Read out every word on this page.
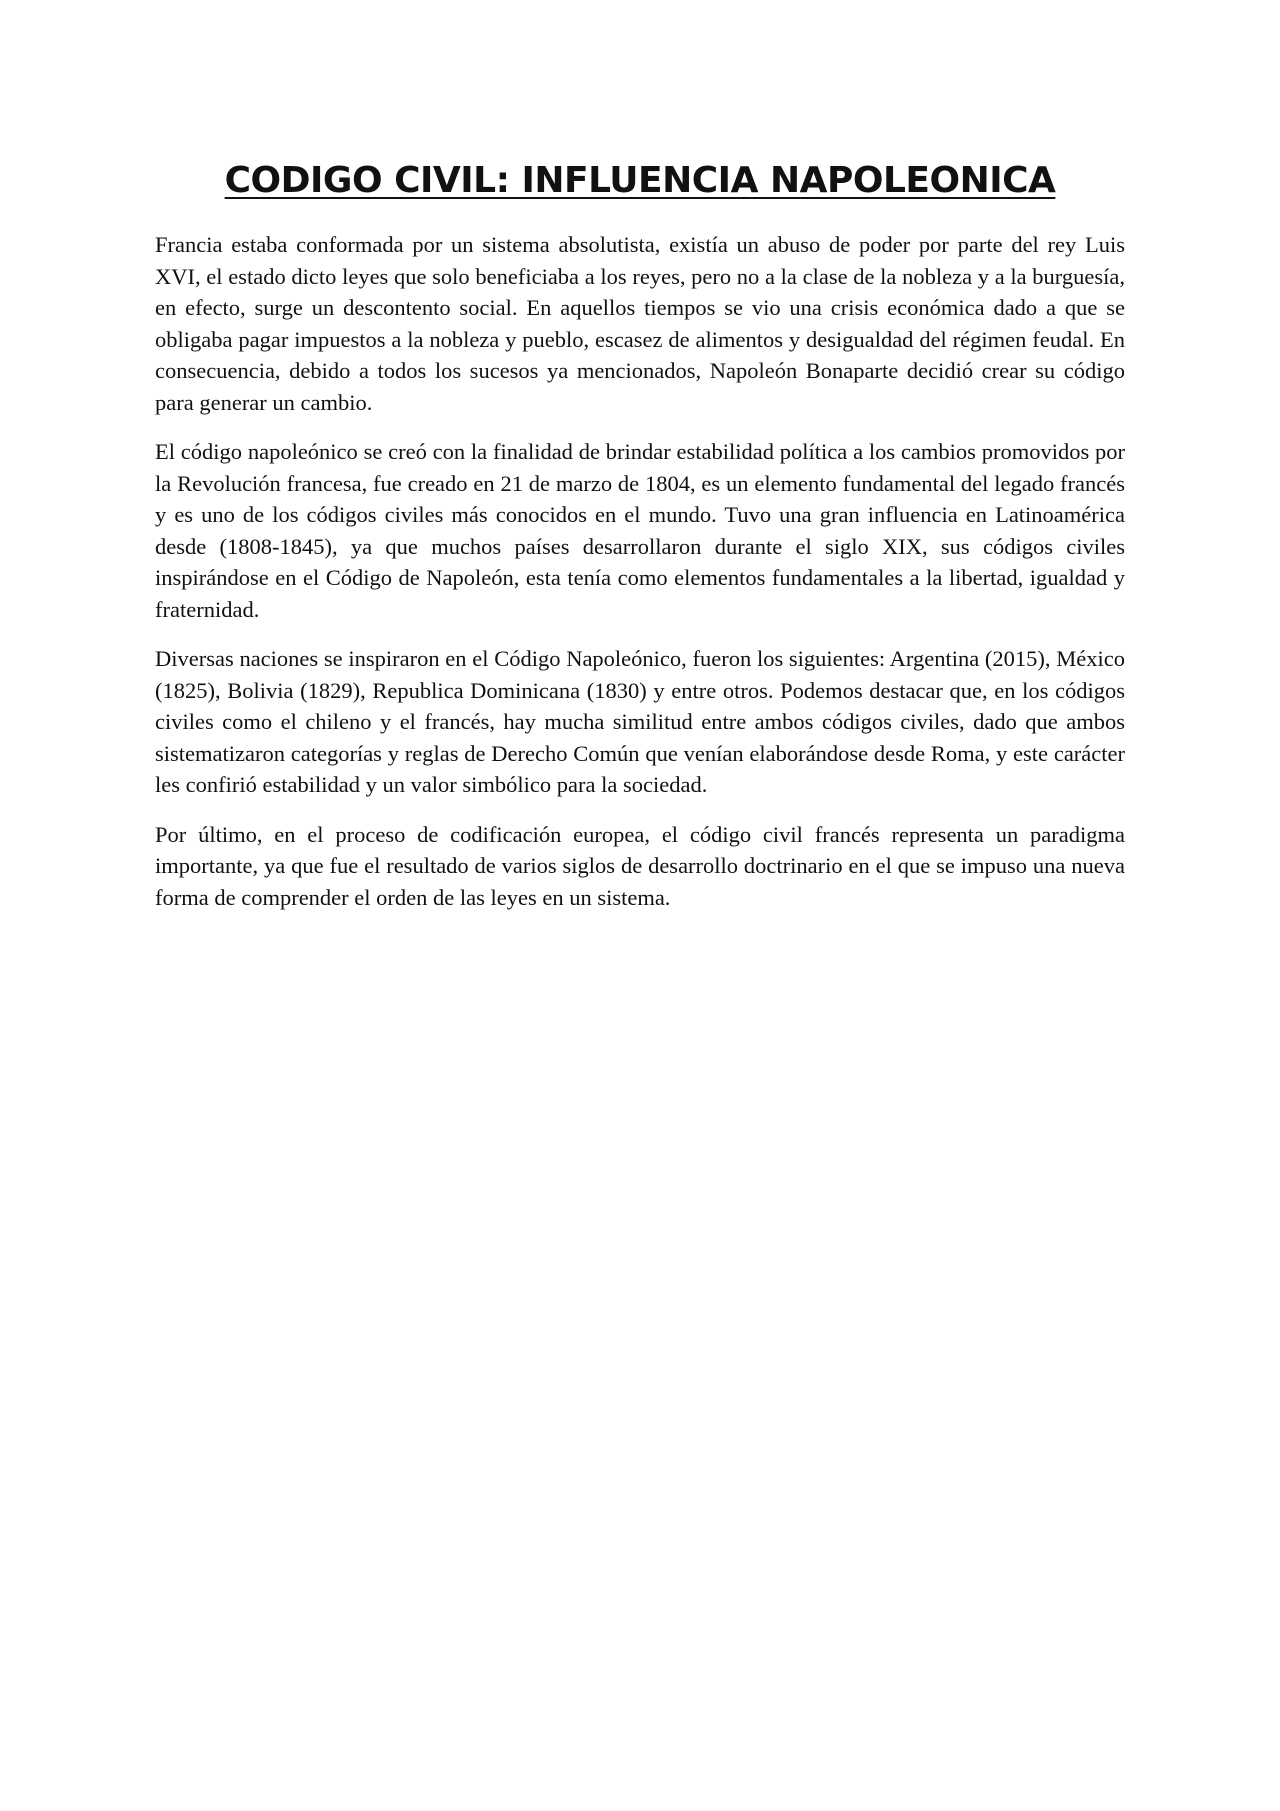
CODIGO CIVIL: INFLUENCIA NAPOLEONICA

Francia estaba conformada por un sistema absolutista, existía un abuso de poder por parte del rey Luis XVI, el estado dicto leyes que solo beneficiaba a los reyes, pero no a la clase de la nobleza y a la burguesía, en efecto, surge un descontento social. En aquellos tiempos se vio una crisis económica dado a que se obligaba pagar impuestos a la nobleza y pueblo, escasez de alimentos y desigualdad del régimen feudal. En consecuencia, debido a todos los sucesos ya mencionados, Napoleón Bonaparte decidió crear su código para generar un cambio.

El código napoleónico se creó con la finalidad de brindar estabilidad política a los cambios promovidos por la Revolución francesa, fue creado en 21 de marzo de 1804, es un elemento fundamental del legado francés y es uno de los códigos civiles más conocidos en el mundo. Tuvo una gran influencia en Latinoamérica desde (1808-1845), ya que muchos países desarrollaron durante el siglo XIX, sus códigos civiles inspirándose en el Código de Napoleón, esta tenía como elementos fundamentales a la libertad, igualdad y fraternidad.

Diversas naciones se inspiraron en el Código Napoleónico, fueron los siguientes: Argentina (2015), México (1825), Bolivia (1829), Republica Dominicana (1830) y entre otros. Podemos destacar que, en los códigos civiles como el chileno y el francés, hay mucha similitud entre ambos códigos civiles, dado que ambos sistematizaron categorías y reglas de Derecho Común que venían elaborándose desde Roma, y este carácter les confirió estabilidad y un valor simbólico para la sociedad.

Por último, en el proceso de codificación europea, el código civil francés representa un paradigma importante, ya que fue el resultado de varios siglos de desarrollo doctrinario en el que se impuso una nueva forma de comprender el orden de las leyes en un sistema.
